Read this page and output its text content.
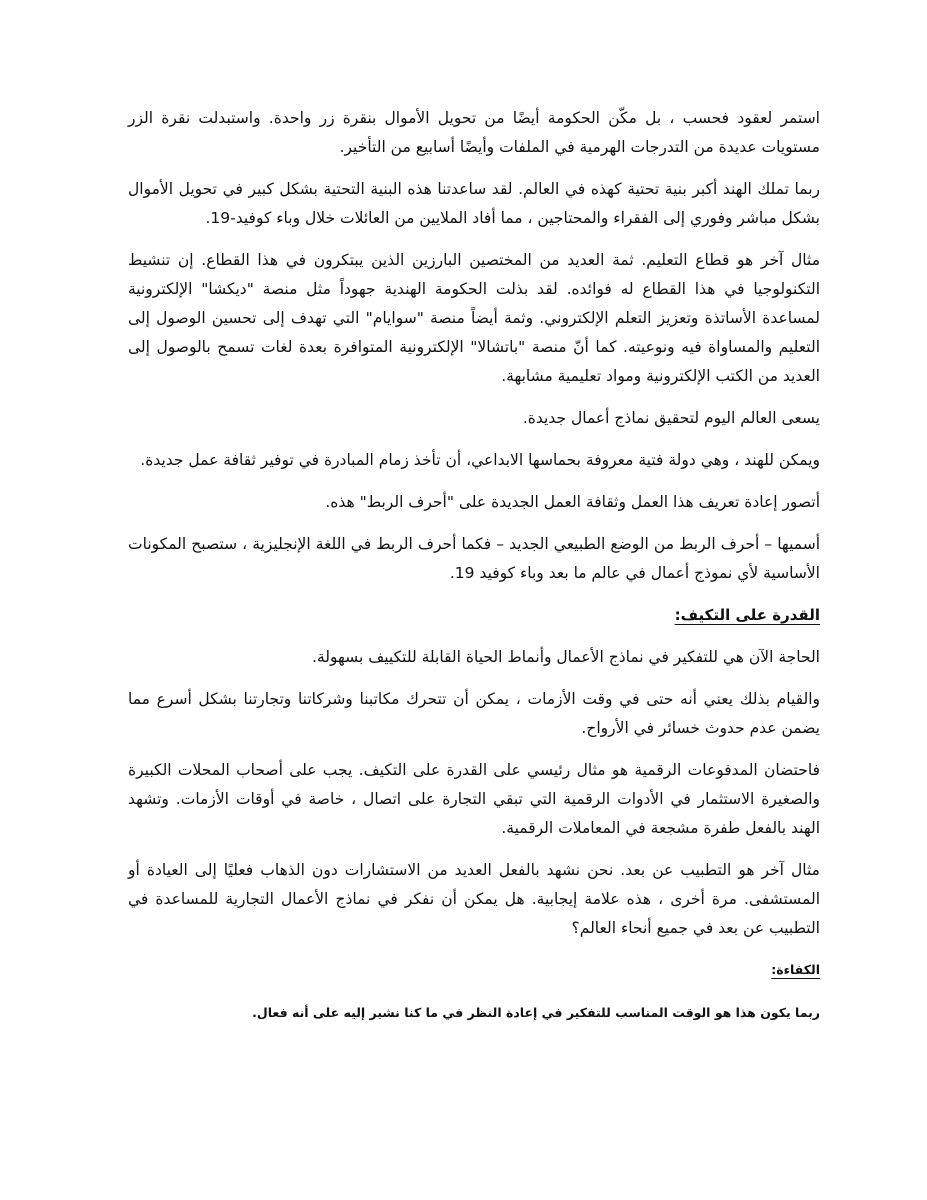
استمر لعقود فحسب ، بل مكّن الحكومة أيضًا من تحويل الأموال بنقرة زر واحدة. واستبدلت نقرة الزر مستويات عديدة من التدرجات الهرمية في الملفات وأيضًا أسابيع من التأخير.

ربما تملك الهند أكبر بنية تحتية كهذه في العالم. لقد ساعدتنا هذه البنية التحتية بشكل كبير في تحويل الأموال بشكل مباشر وفوري إلى الفقراء والمحتاجين ، مما أفاد الملايين من العائلات خلال وباء كوفيد-19.

مثال آخر هو قطاع التعليم. ثمة العديد من المختصين البارزين الذين يبتكرون في هذا القطاع. إن تنشيط التكنولوجيا في هذا القطاع له فوائده. لقد بذلت الحكومة الهندية جهوداً مثل منصة "ديكشا" الإلكترونية لمساعدة الأساتذة وتعزيز التعلم الإلكتروني. وثمة أيضاً منصة "سوايام" التي تهدف إلى تحسين الوصول إلى التعليم والمساواة فيه ونوعيته. كما أنّ منصة "باتشالا" الإلكترونية المتوافرة بعدة لغات تسمح بالوصول إلى العديد من الكتب الإلكترونية ومواد تعليمية مشابهة.

يسعى العالم اليوم لتحقيق نماذج أعمال جديدة.

ويمكن للهند ، وهي دولة فتية معروفة بحماسها الابداعي، أن تأخذ زمام المبادرة في توفير ثقافة عمل جديدة.

أتصور إعادة تعريف هذا العمل وثقافة العمل الجديدة على "أحرف الربط" هذه.

أسميها – أحرف الربط من الوضع الطبيعي الجديد – فكما أحرف الربط في اللغة الإنجليزية ، ستصبح المكونات الأساسية لأي نموذج أعمال في عالم ما بعد وباء كوفيد 19.

القدرة على التكيف:

الحاجة الآن هي للتفكير في نماذج الأعمال وأنماط الحياة القابلة للتكييف بسهولة.

والقيام بذلك يعني أنه حتى في وقت الأزمات ، يمكن أن تتحرك مكاتبنا وشركاتنا وتجارتنا بشكل أسرع مما يضمن عدم حدوث خسائر في الأرواح.

فاحتضان المدفوعات الرقمية هو مثال رئيسي على القدرة على التكيف. يجب على أصحاب المحلات الكبيرة والصغيرة الاستثمار في الأدوات الرقمية التي تبقي التجارة على اتصال ، خاصة في أوقات الأزمات. وتشهد الهند بالفعل طفرة مشجعة في المعاملات الرقمية.

مثال آخر هو التطبيب عن بعد. نحن نشهد بالفعل العديد من الاستشارات دون الذهاب فعليًا إلى العيادة أو المستشفى. مرة أخرى ، هذه علامة إيجابية. هل يمكن أن نفكر في نماذج الأعمال التجارية للمساعدة في التطبيب عن بعد في جميع أنحاء العالم؟

الكفاءة:

ربما يكون هذا هو الوقت المناسب للتفكير في إعادة النظر في ما كنا نشير إليه على أنه فعال.
